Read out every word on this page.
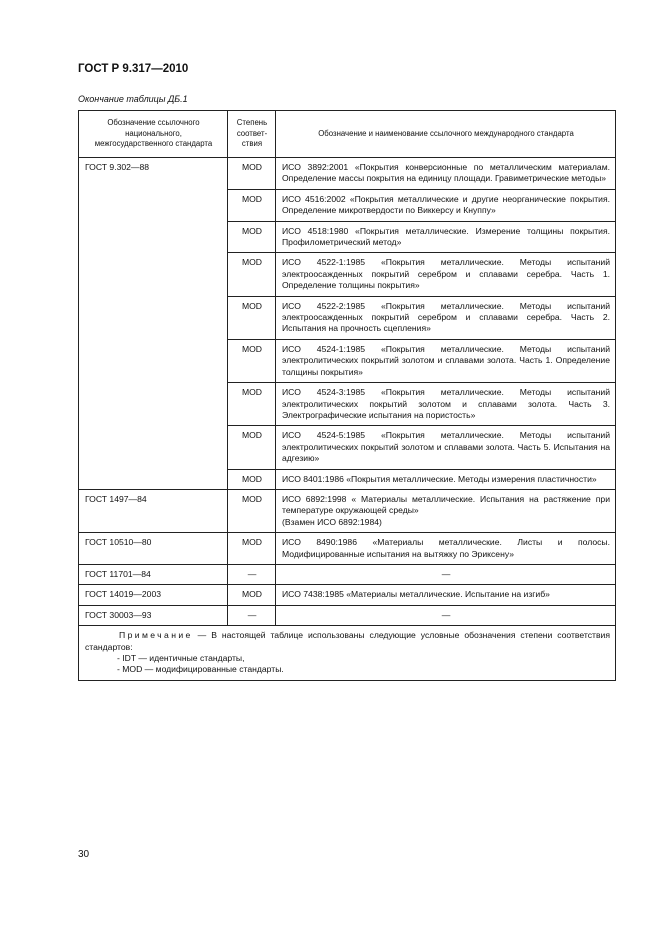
ГОСТ Р 9.317—2010
Окончание таблицы ДБ.1
Обозначение ссылочного национального, межгосударственного стандарта	Степень соответ-ствия	Обозначение и наименование ссылочного международного стандарта
ГОСТ 9.302—88	MOD	ИСО 3892:2001 «Покрытия конверсионные по металлическим материалам. Определение массы покрытия на единицу площади. Гравиметрические методы»
	MOD	ИСО 4516:2002 «Покрытия металлические и другие неорганические покрытия. Определение микротвердости по Виккерсу и Кнуппу»
	MOD	ИСО 4518:1980 «Покрытия металлические. Измерение толщины покрытия. Профилометрический метод»
	MOD	ИСО 4522-1:1985 «Покрытия металлические. Методы испытаний электроосажденных покрытий серебром и сплавами серебра. Часть 1. Определение толщины покрытия»
	MOD	ИСО 4522-2:1985 «Покрытия металлические. Методы испытаний электроосажденных покрытий серебром и сплавами серебра. Часть 2. Испытания на прочность сцепления»
	MOD	ИСО 4524-1:1985 «Покрытия металлические. Методы испытаний электролитических покрытий золотом и сплавами золота. Часть 1. Определение толщины покрытия»
	MOD	ИСО 4524-3:1985 «Покрытия металлические. Методы испытаний электролитических покрытий золотом и сплавами золота. Часть 3. Электрографические испытания на пористость»
	MOD	ИСО 4524-5:1985 «Покрытия металлические. Методы испытаний электролитических покрытий золотом и сплавами золота. Часть 5. Испытания на адгезию»
	MOD	ИСО 8401:1986 «Покрытия металлические. Методы измерения пластичности»
ГОСТ 1497—84	MOD	ИСО 6892:1998 « Материалы металлические. Испытания на растяжение при температуре окружающей среды»
(Взамен ИСО 6892:1984)
ГОСТ 10510—80	MOD	ИСО 8490:1986 «Материалы металлические. Листы и полосы. Модифицированные испытания на вытяжку по Эриксену»
ГОСТ 11701—84	—	—
ГОСТ 14019—2003	MOD	ИСО 7438:1985 «Материалы металлические. Испытание на изгиб»
ГОСТ 30003—93	—	—

Примечание — В настоящей таблице использованы следующие условные обозначения степени соответствия стандартов:
- IDT — идентичные стандарты,
- MOD — модифицированные стандарты.		
30
